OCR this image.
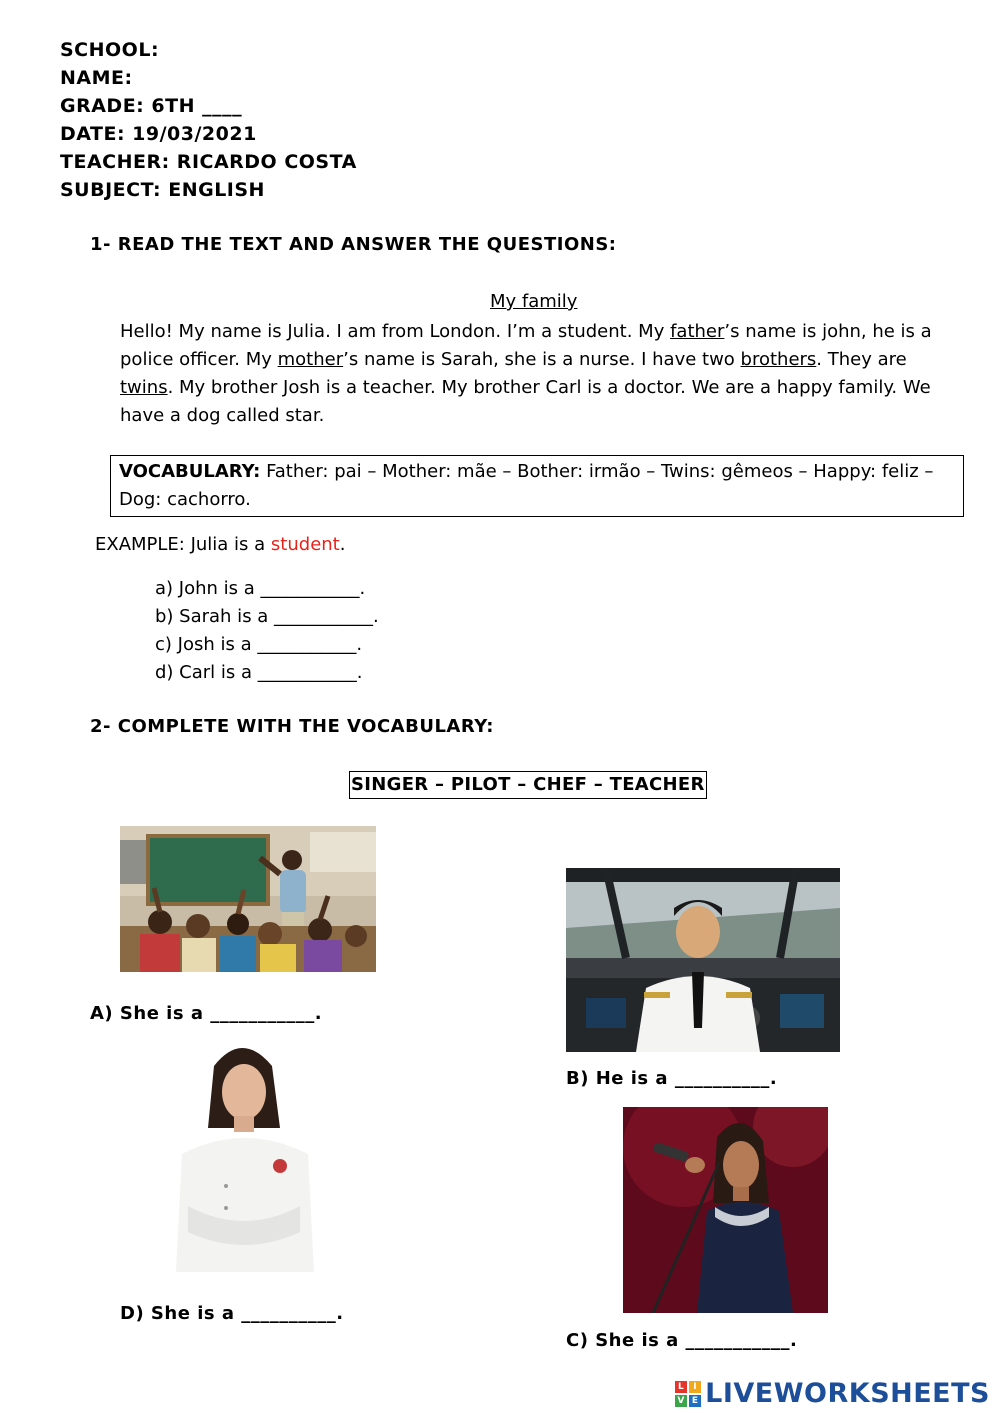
SCHOOL:
NAME:
GRADE: 6TH ____
DATE: 19/03/2021
TEACHER: RICARDO COSTA
SUBJECT: ENGLISH
1- READ THE TEXT AND ANSWER THE QUESTIONS:
My family
Hello! My name is Julia. I am from London. I’m a student. My father’s name is john, he is a police officer. My mother’s name is Sarah, she is a nurse. I have two brothers. They are twins. My brother Josh is a teacher. My brother Carl is a doctor. We are a happy family. We have a dog called star.
VOCABULARY: Father: pai – Mother: mãe – Bother: irmão – Twins: gêmeos – Happy: feliz – Dog: cachorro.
EXAMPLE: Julia is a student.
a) John is a ___________.
b) Sarah is a ___________.
c) Josh is a ___________.
d) Carl is a ___________.
2- COMPLETE WITH THE VOCABULARY:
SINGER – PILOT – CHEF – TEACHER
A) She is a ___________.
B) He is a __________.
D) She is a __________.
C) She is a ___________.
L I
V E LIVEWORKSHEETS
